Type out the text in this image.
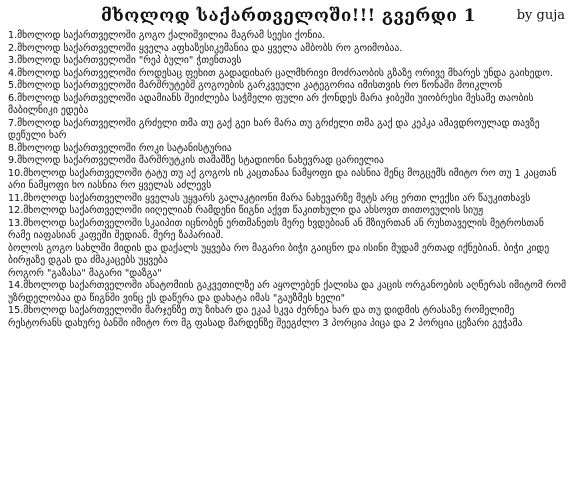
მხოლოდ საქართველოში!!! გვერდი 1	by guja

1.მხოლოდ საქართველოში გოგო ქალიშვილია მაგრამ სეესი ქონია.

2.მხოლოდ საქართველოში ყველა აფხაზესიკემანია და ყველა ამბობს რო გოიმობაა.

3.მხოლოდ საქართველოში "რეპ ბული" ჭთენთავს

4.მხოლოდ საქართველოში როდესაც ფეხით გადადიხარ ცალმხრივი მოძრაობის გზაზე ორივე მხარეს უნდა გაიხედო.

5.მხოლოდ საქართველოში მარშრუტებშ გოგოების გარკვეული კატეგორია იმისთვის რო წონაში მოიკლონ

6.მხოლოდ საქართველოში ადამიანს შეიძლება საჭმელი ფული არ ქონდეს მარა ჯიბეში უიობრესი მესამე თაობის მაბილნიკი ედება

7.მხოლოდ საქართველოში გრძელი თმა თუ გაქ გეი ხარ მარა თუ გრძელი თმა გაქ და კეპკა ამავდროულად თავზე დეწული ხარ

8.მხოლოდ საქართველოში როკი სატანისტურია

9.მხოლოდ საქართველოში მარშრუტკის თამაშზე სტადიონი ნახევრად ცარიელია

10.მხოლოდ საქართველოში ტატუ თუ აქ გოგოს ის კაცთანაა ნამყოფი და იასნია შენც მოგცემს იმიტო რო თუ 1 კაცთან არი ნამყოფი ხო იასნია რო ყველას აძლევს

11.მხოლოდ საქართველოში ყველას უყვარს გალაკტიონი მარა ნახევარზე მეტს არც ერთი ლექსი არ წაუკითხავს

12.მხოლოდ საქართველოში იიღელიან რამდენი წიგნი აქვთ წაკითხული და ახსოვთ თითოეულის სიუჟ

13.მხოლოდ საქართველოში სკაიპით იცნობენ ერთმანეთს მერე ხვდებიან ან მზიურთან ან რუსთაველის მეტროსთან რამე იაფასიან კაფეში შედიან. მერე ზაპარიაშ.

ბოლოს გოგო სახლში მიდის და დაქალს უყვება რო მაგარი ბიჭი გაიცნო და ისინი მუდამ ერთად იქნებიან. ბიჭი კიდე ბირჟაზე დგას და ძმაკაცებს უყვება

როგორ "გაზასა" მაგარი "დაზგა"

14.მხოლოდ საქართველოში ანატომიის გაკვეთილზე არ აყოლებენ ქალისა და კაცის ორგანოების აღწერას იმიტომ რომ უზრდელობაა და წიგნში ვინც ეს დაწერა და დახატა იმას "გაუზმეს ხელი"

15.მხოლოდ საქართველოში მარჯენზე თუ ზიხარ და ეკაპ სკვა ძერნეა ხარ და თუ დიდმის ტრასაზე რომელიმე რესტორანს დახურე ბანში იმიტო რო მგ ფასად მარდენზე შეეგძლო 3 პორცია პიცა და 2 პორცია ცეზარი გეჭამა
